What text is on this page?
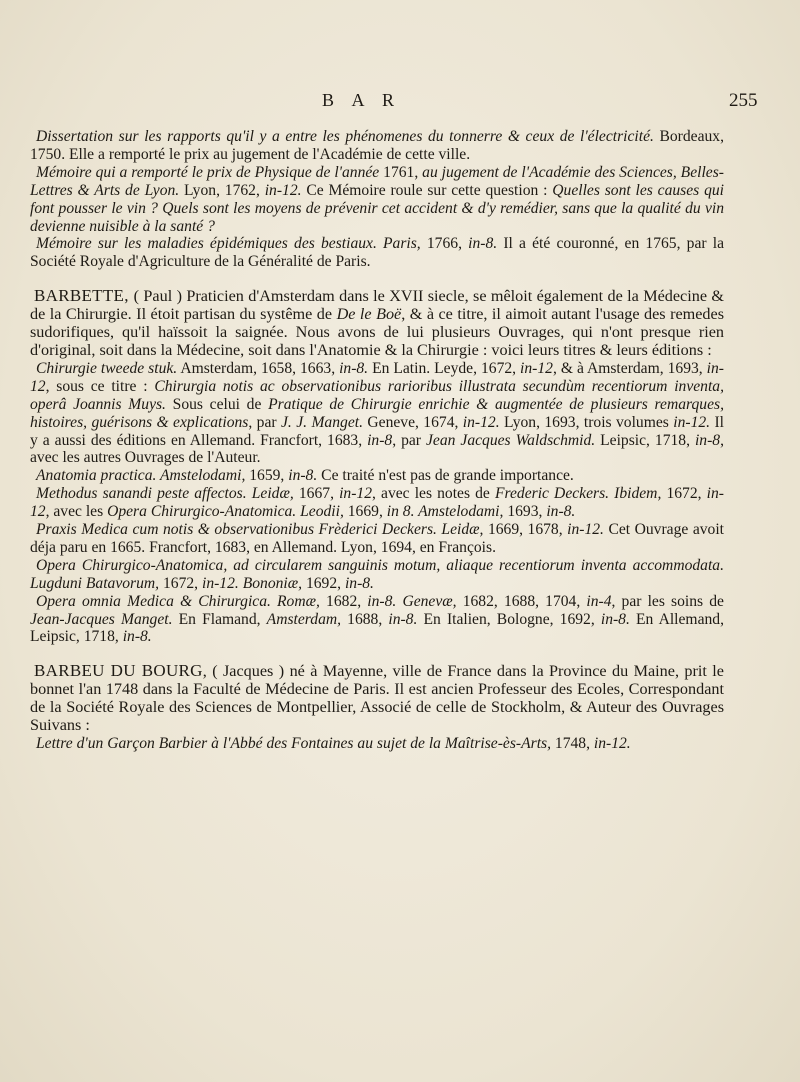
B A R	255

Dissertation sur les rapports qu'il y a entre les phénomenes du tonnerre & ceux de l'électricité. Bordeaux, 1750. Elle a remporté le prix au jugement de l'Académie de cette ville.

Mémoire qui a remporté le prix de Physique de l'année 1761, au jugement de l'Académie des Sciences, Belles-Lettres & Arts de Lyon. Lyon, 1762, in-12. Ce Mémoire roule sur cette question : Quelles sont les causes qui font pousser le vin ? Quels sont les moyens de prévenir cet accident & d'y remédier, sans que la qualité du vin devienne nuisible à la santé ?

Mémoire sur les maladies épidémiques des bestiaux. Paris, 1766, in-8. Il a été couronné, en 1765, par la Société Royale d'Agriculture de la Généralité de Paris.

BARBETTE, ( Paul ) Praticien d'Amsterdam dans le XVII siecle, se mêloit également de la Médecine & de la Chirurgie. Il étoit partisan du systême de De le Boë, & à ce titre, il aimoit autant l'usage des remedes sudorifiques, qu'il haïssoit la saignée. Nous avons de lui plusieurs Ouvrages, qui n'ont presque rien d'original, soit dans la Médecine, soit dans l'Anatomie & la Chirurgie : voici leurs titres & leurs éditions :

Chirurgie tweede stuk. Amsterdam, 1658, 1663, in-8. En Latin. Leyde, 1672, in-12, & à Amsterdam, 1693, in-12, sous ce titre : Chirurgia notis ac observationibus rarioribus illustrata secundùm recentiorum inventa, operâ Joannis Muys. Sous celui de Pratique de Chirurgie enrichie & augmentée de plusieurs remarques, histoires, guérisons & explications, par J. J. Manget. Geneve, 1674, in-12. Lyon, 1693, trois volumes in-12. Il y a aussi des éditions en Allemand. Francfort, 1683, in-8, par Jean Jacques Waldschmid. Leipsic, 1718, in-8, avec les autres Ouvrages de l'Auteur.

Anatomia practica. Amstelodami, 1659, in-8. Ce traité n'est pas de grande importance.

Methodus sanandi peste affectos. Leidæ, 1667, in-12, avec les notes de Frederic Deckers. Ibidem, 1672, in-12, avec les Opera Chirurgico-Anatomica. Leodii, 1669, in 8. Amstelodami, 1693, in-8.

Praxis Medica cum notis & observationibus Frèderici Deckers. Leidæ, 1669, 1678, in-12. Cet Ouvrage avoit déja paru en 1665. Francfort, 1683, en Allemand. Lyon, 1694, en François.

Opera Chirurgico-Anatomica, ad circularem sanguinis motum, aliaque recentiorum inventa accommodata. Lugduni Batavorum, 1672, in-12. Bononiæ, 1692, in-8.

Opera omnia Medica & Chirurgica. Romæ, 1682, in-8. Genevæ, 1682, 1688, 1704, in-4, par les soins de Jean-Jacques Manget. En Flamand, Amsterdam, 1688, in-8. En Italien, Bologne, 1692, in-8. En Allemand, Leipsic, 1718, in-8.

BARBEU DU BOURG, ( Jacques ) né à Mayenne, ville de France dans la Province du Maine, prit le bonnet l'an 1748 dans la Faculté de Médecine de Paris. Il est ancien Professeur des Ecoles, Correspondant de la Société Royale des Sciences de Montpellier, Associé de celle de Stockholm, & Auteur des Ouvrages Suivans :

Lettre d'un Garçon Barbier à l'Abbé des Fontaines au sujet de la Maîtrise-ès-Arts, 1748, in-12.
